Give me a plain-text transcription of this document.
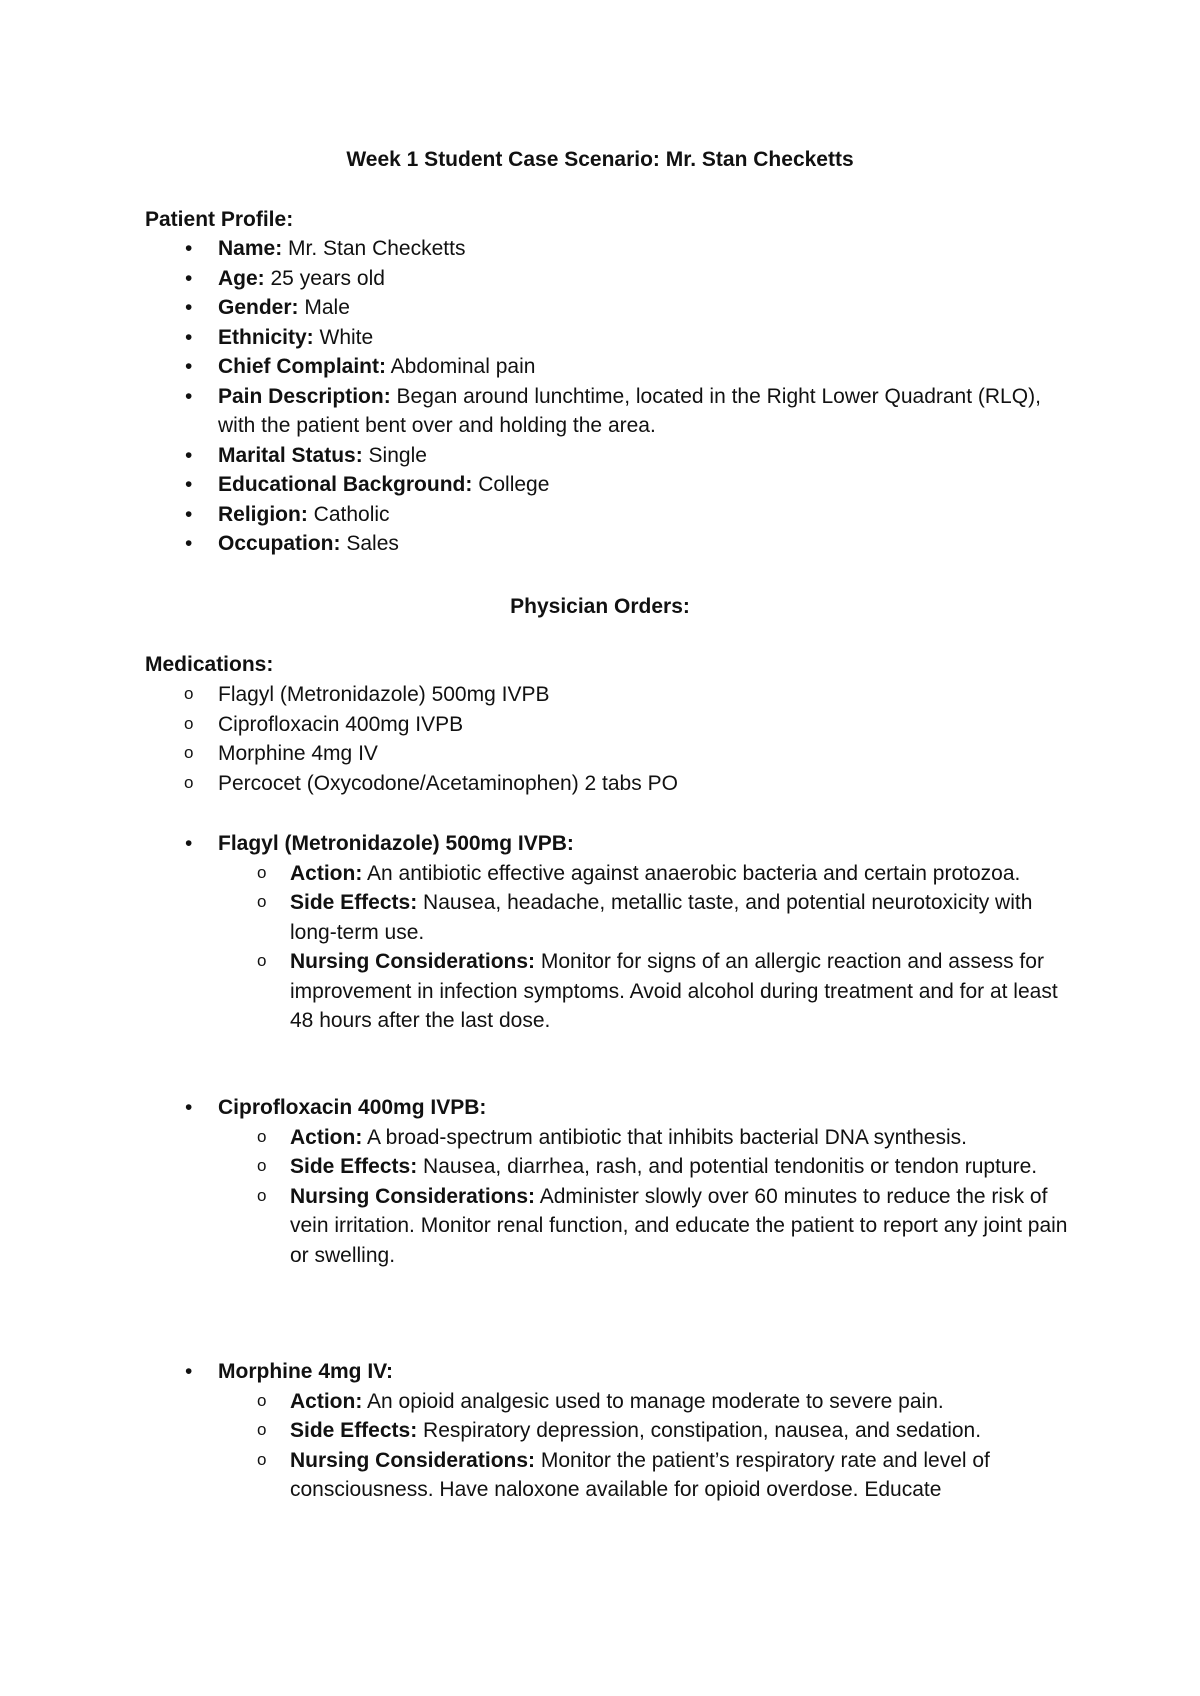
Week 1 Student Case Scenario: Mr. Stan Checketts

Patient Profile:

• Name: Mr. Stan Checketts
• Age: 25 years old
• Gender: Male
• Ethnicity: White
• Chief Complaint: Abdominal pain
• Pain Description: Began around lunchtime, located in the Right Lower Quadrant (RLQ), with the patient bent over and holding the area.
• Marital Status: Single
• Educational Background: College
• Religion: Catholic
• Occupation: Sales

Physician Orders:

Medications:

o Flagyl (Metronidazole) 500mg IVPB
o Ciprofloxacin 400mg IVPB
o Morphine 4mg IV
o Percocet (Oxycodone/Acetaminophen) 2 tabs PO
• Flagyl (Metronidazole) 500mg IVPB:
o Action: An antibiotic effective against anaerobic bacteria and certain protozoa.
o Side Effects: Nausea, headache, metallic taste, and potential neurotoxicity with long-term use.
o Nursing Considerations: Monitor for signs of an allergic reaction and assess for improvement in infection symptoms. Avoid alcohol during treatment and for at least 48 hours after the last dose.
• Ciprofloxacin 400mg IVPB:
o Action: A broad-spectrum antibiotic that inhibits bacterial DNA synthesis.
o Side Effects: Nausea, diarrhea, rash, and potential tendonitis or tendon rupture.
o Nursing Considerations: Administer slowly over 60 minutes to reduce the risk of vein irritation. Monitor renal function, and educate the patient to report any joint pain or swelling.
• Morphine 4mg IV:
o Action: An opioid analgesic used to manage moderate to severe pain.
o Side Effects: Respiratory depression, constipation, nausea, and sedation.
o Nursing Considerations: Monitor the patient’s respiratory rate and level of consciousness. Have naloxone available for opioid overdose. Educate
